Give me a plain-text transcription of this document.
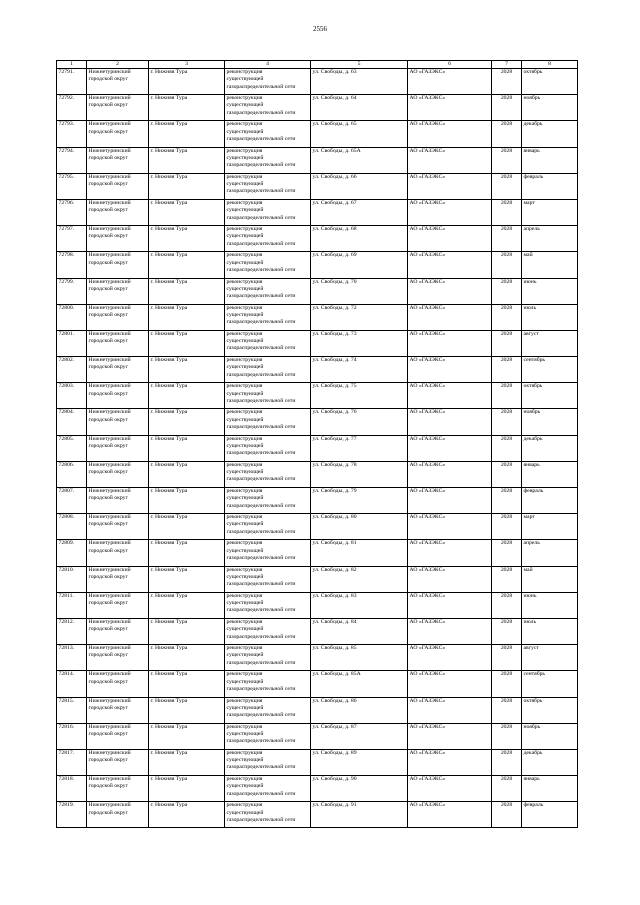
2556
1	2	3	4	5	6	7	8
72791.	Нижнетуринский
городской округ	г. Нижняя Тура	реконструкция
существующей
газораспределительной сети	ул. Свободы, д. 63	АО «ГАЗЭКС»	2028	октябрь
72792.	Нижнетуринский
городской округ	г. Нижняя Тура	реконструкция
существующей
газораспределительной сети	ул. Свободы, д. 64	АО «ГАЗЭКС»	2028	ноябрь
72793.	Нижнетуринский
городской округ	г. Нижняя Тура	реконструкция
существующей
газораспределительной сети	ул. Свободы, д. 65	АО «ГАЗЭКС»	2028	декабрь
72794.	Нижнетуринский
городской округ	г. Нижняя Тура	реконструкция
существующей
газораспределительной сети	ул. Свободы, д. 65А	АО «ГАЗЭКС»	2028	январь
72795.	Нижнетуринский
городской округ	г. Нижняя Тура	реконструкция
существующей
газораспределительной сети	ул. Свободы, д. 66	АО «ГАЗЭКС»	2028	февраль
72796.	Нижнетуринский
городской округ	г. Нижняя Тура	реконструкция
существующей
газораспределительной сети	ул. Свободы, д. 67	АО «ГАЗЭКС»	2028	март
72797.	Нижнетуринский
городской округ	г. Нижняя Тура	реконструкция
существующей
газораспределительной сети	ул. Свободы, д. 68	АО «ГАЗЭКС»	2028	апрель
72798.	Нижнетуринский
городской округ	г. Нижняя Тура	реконструкция
существующей
газораспределительной сети	ул. Свободы, д. 69	АО «ГАЗЭКС»	2028	май
72799.	Нижнетуринский
городской округ	г. Нижняя Тура	реконструкция
существующей
газораспределительной сети	ул. Свободы, д. 70	АО «ГАЗЭКС»	2028	июнь
72800.	Нижнетуринский
городской округ	г. Нижняя Тура	реконструкция
существующей
газораспределительной сети	ул. Свободы, д. 72	АО «ГАЗЭКС»	2028	июль
72801.	Нижнетуринский
городской округ	г. Нижняя Тура	реконструкция
существующей
газораспределительной сети	ул. Свободы, д. 73	АО «ГАЗЭКС»	2028	август
72802.	Нижнетуринский
городской округ	г. Нижняя Тура	реконструкция
существующей
газораспределительной сети	ул. Свободы, д. 74	АО «ГАЗЭКС»	2028	сентябрь
72803.	Нижнетуринский
городской округ	г. Нижняя Тура	реконструкция
существующей
газораспределительной сети	ул. Свободы, д. 75	АО «ГАЗЭКС»	2028	октябрь
72804.	Нижнетуринский
городской округ	г. Нижняя Тура	реконструкция
существующей
газораспределительной сети	ул. Свободы, д. 76	АО «ГАЗЭКС»	2028	ноябрь
72805.	Нижнетуринский
городской округ	г. Нижняя Тура	реконструкция
существующей
газораспределительной сети	ул. Свободы, д. 77	АО «ГАЗЭКС»	2028	декабрь
72806.	Нижнетуринский
городской округ	г. Нижняя Тура	реконструкция
существующей
газораспределительной сети	ул. Свободы, д. 78	АО «ГАЗЭКС»	2028	январь
72807.	Нижнетуринский
городской округ	г. Нижняя Тура	реконструкция
существующей
газораспределительной сети	ул. Свободы, д. 79	АО «ГАЗЭКС»	2028	февраль
72808.	Нижнетуринский
городской округ	г. Нижняя Тура	реконструкция
существующей
газораспределительной сети	ул. Свободы, д. 80	АО «ГАЗЭКС»	2028	март
72809.	Нижнетуринский
городской округ	г. Нижняя Тура	реконструкция
существующей
газораспределительной сети	ул. Свободы, д. 81	АО «ГАЗЭКС»	2028	апрель
72810.	Нижнетуринский
городской округ	г. Нижняя Тура	реконструкция
существующей
газораспределительной сети	ул. Свободы, д. 82	АО «ГАЗЭКС»	2028	май
72811.	Нижнетуринский
городской округ	г. Нижняя Тура	реконструкция
существующей
газораспределительной сети	ул. Свободы, д. 83	АО «ГАЗЭКС»	2028	июнь
72812.	Нижнетуринский
городской округ	г. Нижняя Тура	реконструкция
существующей
газораспределительной сети	ул. Свободы, д. 84	АО «ГАЗЭКС»	2028	июль
72813.	Нижнетуринский
городской округ	г. Нижняя Тура	реконструкция
существующей
газораспределительной сети	ул. Свободы, д. 85	АО «ГАЗЭКС»	2028	август
72814.	Нижнетуринский
городской округ	г. Нижняя Тура	реконструкция
существующей
газораспределительной сети	ул. Свободы, д. 85А	АО «ГАЗЭКС»	2028	сентябрь
72815.	Нижнетуринский
городской округ	г. Нижняя Тура	реконструкция
существующей
газораспределительной сети	ул. Свободы, д. 86	АО «ГАЗЭКС»	2028	октябрь
72816.	Нижнетуринский
городской округ	г. Нижняя Тура	реконструкция
существующей
газораспределительной сети	ул. Свободы, д. 87	АО «ГАЗЭКС»	2028	ноябрь
72817.	Нижнетуринский
городской округ	г. Нижняя Тура	реконструкция
существующей
газораспределительной сети	ул. Свободы, д. 89	АО «ГАЗЭКС»	2028	декабрь
72818.	Нижнетуринский
городской округ	г. Нижняя Тура	реконструкция
существующей
газораспределительной сети	ул. Свободы, д. 90	АО «ГАЗЭКС»	2028	январь
72819.	Нижнетуринский
городской округ	г. Нижняя Тура	реконструкция
существующей
газораспределительной сети	ул. Свободы, д. 91	АО «ГАЗЭКС»	2028	февраль
